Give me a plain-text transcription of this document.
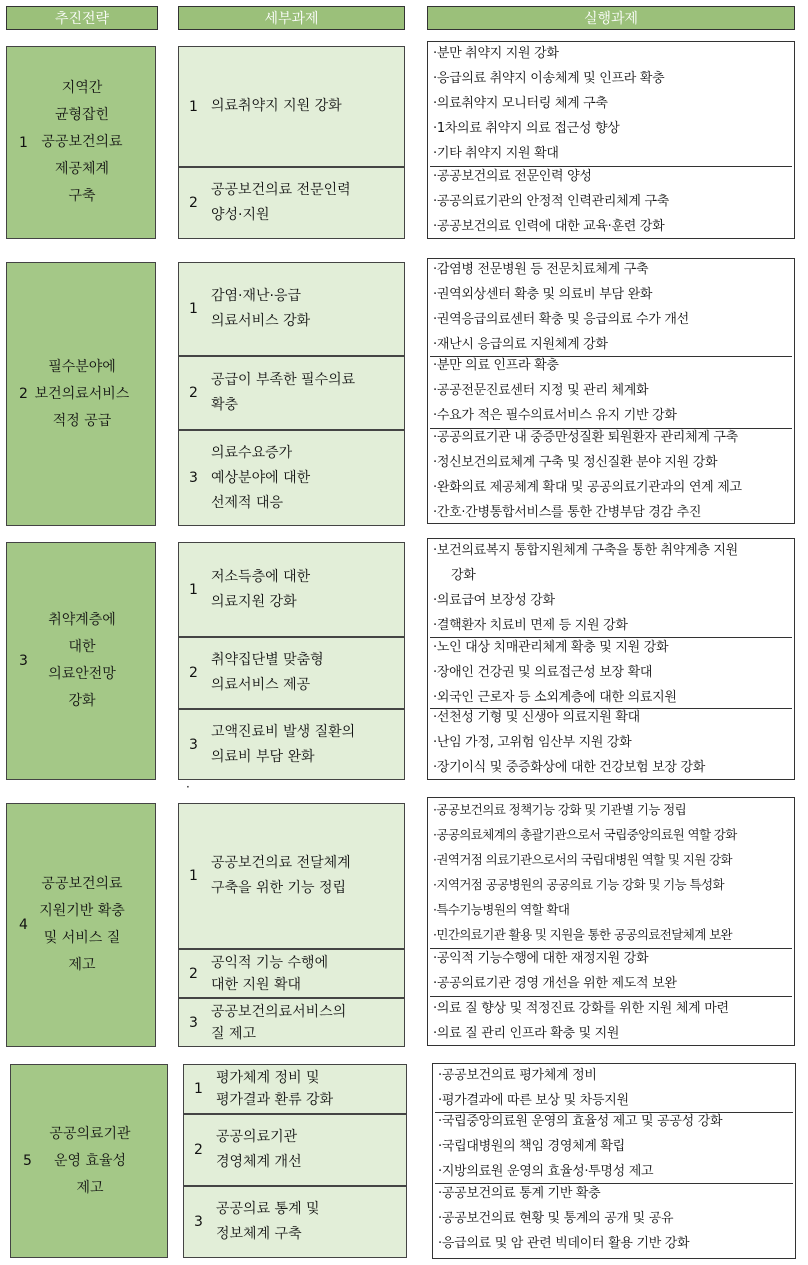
추진전략	세부과제	실행과제
1
지역간
균형잡힌
공공보건의료
제공체계
구축
1 의료취약지 지원 강화
2
공공보건의료 전문인력
양성·지원
·분만 취약지 지원 강화
·응급의료 취약지 이송체계 및 인프라 확충
·의료취약지 모니터링 체계 구축
·1차의료 취약지 의료 접근성 향상
·기타 취약지 지원 확대
·공공보건의료 전문인력 양성
·공공의료기관의 안정적 인력관리체계 구축
·공공보건의료 인력에 대한 교육·훈련 강화
2
필수분야에
보건의료서비스
적정 공급
1
감염·재난·응급
의료서비스 강화
2
공급이 부족한 필수의료
확충
3
의료수요증가
예상분야에 대한
선제적 대응
·감염병 전문병원 등 전문치료체계 구축
·권역외상센터 확충 및 의료비 부담 완화
·권역응급의료센터 확충 및 응급의료 수가 개선
·재난시 응급의료 지원체계 강화
·분만 의료 인프라 확충
·공공전문진료센터 지정 및 관리 체계화
·수요가 적은 필수의료서비스 유지 기반 강화
·공공의료기관 내 중증만성질환 퇴원환자 관리체계 구축
·정신보건의료체계 구축 및 정신질환 분야 지원 강화
·완화의료 제공체계 확대 및 공공의료기관과의 연계 제고
·간호·간병통합서비스를 통한 간병부담 경감 추진
3
취약계층에
대한
의료안전망
강화
1
저소득층에 대한
의료지원 강화
2
취약집단별 맞춤형
의료서비스 제공
3
고액진료비 발생 질환의
의료비 부담 완화
·보건의료복지 통합지원체계 구축을 통한 취약계층 지원
강화
·의료급여 보장성 강화
·결핵환자 치료비 면제 등 지원 강화
·노인 대상 치매관리체계 확충 및 지원 강화
·장애인 건강권 및 의료접근성 보장 확대
·외국인 근로자 등 소외계층에 대한 의료지원
·선천성 기형 및 신생아 의료지원 확대
·난임 가정, 고위험 임산부 지원 강화
·장기이식 및 중증화상에 대한 건강보험 보장 강화
·
4
공공보건의료
지원기반 확충
및 서비스 질
제고
1
공공보건의료 전달체계
구축을 위한 기능 정립
2
공익적 기능 수행에
대한 지원 확대
3
공공보건의료서비스의
질 제고
·공공보건의료 정책기능 강화 및 기관별 기능 정립
·공공의료체계의 총괄기관으로서 국립중앙의료원 역할 강화
·권역거점 의료기관으로서의 국립대병원 역할 및 지원 강화
·지역거점 공공병원의 공공의료 기능 강화 및 기능 특성화
·특수기능병원의 역할 확대
·민간의료기관 활용 및 지원을 통한 공공의료전달체계 보완
·공익적 기능수행에 대한 재정지원 강화
·공공의료기관 경영 개선을 위한 제도적 보완
·의료 질 향상 및 적정진료 강화를 위한 지원 체계 마련
·의료 질 관리 인프라 확충 및 지원
5
공공의료기관
운영 효율성
제고
1
평가체계 정비 및
평가결과 환류 강화
2
공공의료기관
경영체계 개선
3
공공의료 통계 및
정보체계 구축
·공공보건의료 평가체계 정비
·평가결과에 따른 보상 및 차등지원
·국립중앙의료원 운영의 효율성 제고 및 공공성 강화
·국립대병원의 책임 경영체계 확립
·지방의료원 운영의 효율성·투명성 제고
·공공보건의료 통계 기반 확충
·공공보건의료 현황 및 통계의 공개 및 공유
·응급의료 및 암 관련 빅데이터 활용 기반 강화
